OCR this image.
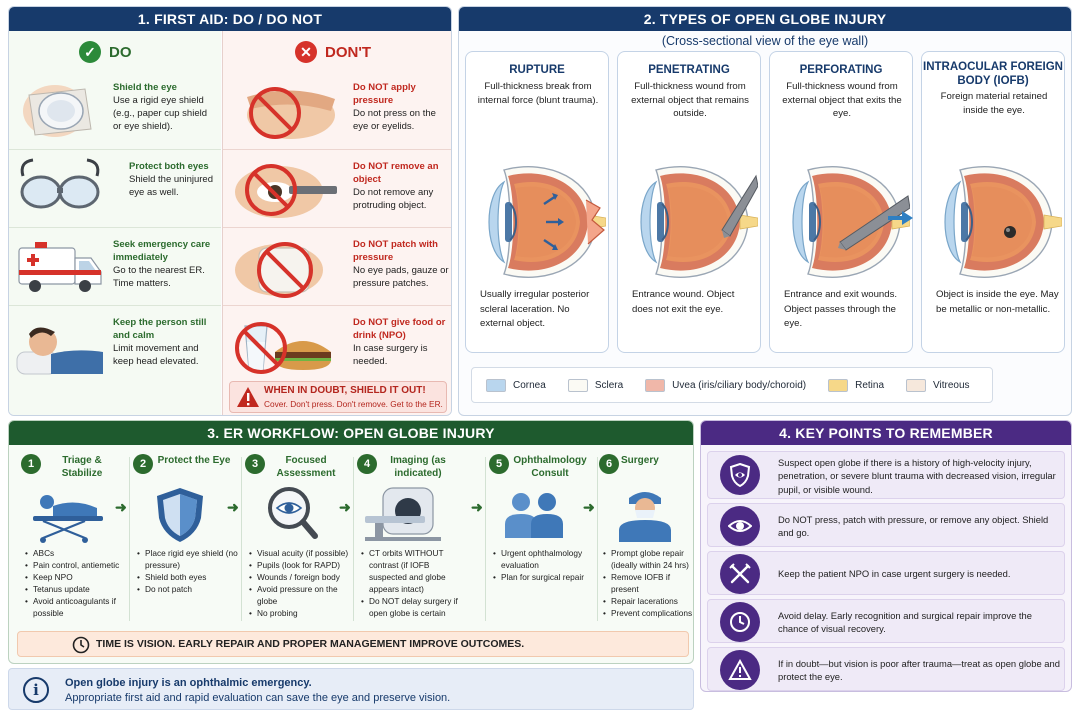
1. FIRST AID: DO / DO NOT
✓ DO
Shield the eye
Use a rigid eye shield (e.g., paper cup shield or eye shield).
Protect both eyes
Shield the uninjured eye as well.
Seek emergency care immediately
Go to the nearest ER. Time matters.
Keep the person still and calm
Limit movement and keep head elevated.
✕ DON'T
Do NOT apply pressure
Do not press on the eye or eyelids.
Do NOT remove an object
Do not remove any protruding object.
Do NOT patch with pressure
No eye pads, gauze or pressure patches.
Do NOT give food or drink (NPO)
In case surgery is needed.
WHEN IN DOUBT, SHIELD IT OUT!
Cover. Don't press. Don't remove. Get to the ER.
2. TYPES OF OPEN GLOBE INJURY
(Cross-sectional view of the eye wall)
RUPTURE
Full-thickness break from internal force (blunt trauma).
Usually irregular posterior scleral laceration. No external object.
PENETRATING
Full-thickness wound from external object that remains outside.
Entrance wound. Object does not exit the eye.
PERFORATING
Full-thickness wound from external object that exits the eye.
Entrance and exit wounds. Object passes through the eye.
INTRAOCULAR FOREIGN BODY (IOFB)
Foreign material retained inside the eye.
Object is inside the eye. May be metallic or non-metallic.
Cornea	Sclera	Uvea (iris/ciliary body/choroid)	Retina	Vitreous
3. ER WORKFLOW: OPEN GLOBE INJURY
1	Triage & Stabilize
• ABCs
• Pain control, antiemetic
• Keep NPO
• Tetanus update
• Avoid anticoagulants if possible
➜
2	Protect the Eye
• Place rigid eye shield (no pressure)
• Shield both eyes
• Do not patch
➜
3	Focused Assessment
• Visual acuity (if possible)
• Pupils (look for RAPD)
• Wounds / foreign body
• Avoid pressure on the globe
• No probing
➜
4	Imaging (as indicated)
• CT orbits WITHOUT contrast (if IOFB suspected and globe appears intact)
• Do NOT delay surgery if open globe is certain
➜
5	Ophthalmology Consult
• Urgent ophthalmology evaluation
• Plan for surgical repair
➜
6 Surgery
• Prompt globe repair (ideally within 24 hrs)
• Remove IOFB if present
• Repair lacerations
• Prevent complications
TIME IS VISION. EARLY REPAIR AND PROPER MANAGEMENT IMPROVE OUTCOMES.
4. KEY POINTS TO REMEMBER
Suspect open globe if there is a history of high-velocity injury, penetration, or severe blunt trauma with decreased vision, irregular pupil, or visible wound.
Do NOT press, patch with pressure, or remove any object. Shield and go.
Keep the patient NPO in case urgent surgery is needed.
Avoid delay. Early recognition and surgical repair improve the chance of visual recovery.
If in doubt—but vision is poor after trauma—treat as open globe and protect the eye.
i	Open globe injury is an ophthalmic emergency.
Appropriate first aid and rapid evaluation can save the eye and preserve vision.
